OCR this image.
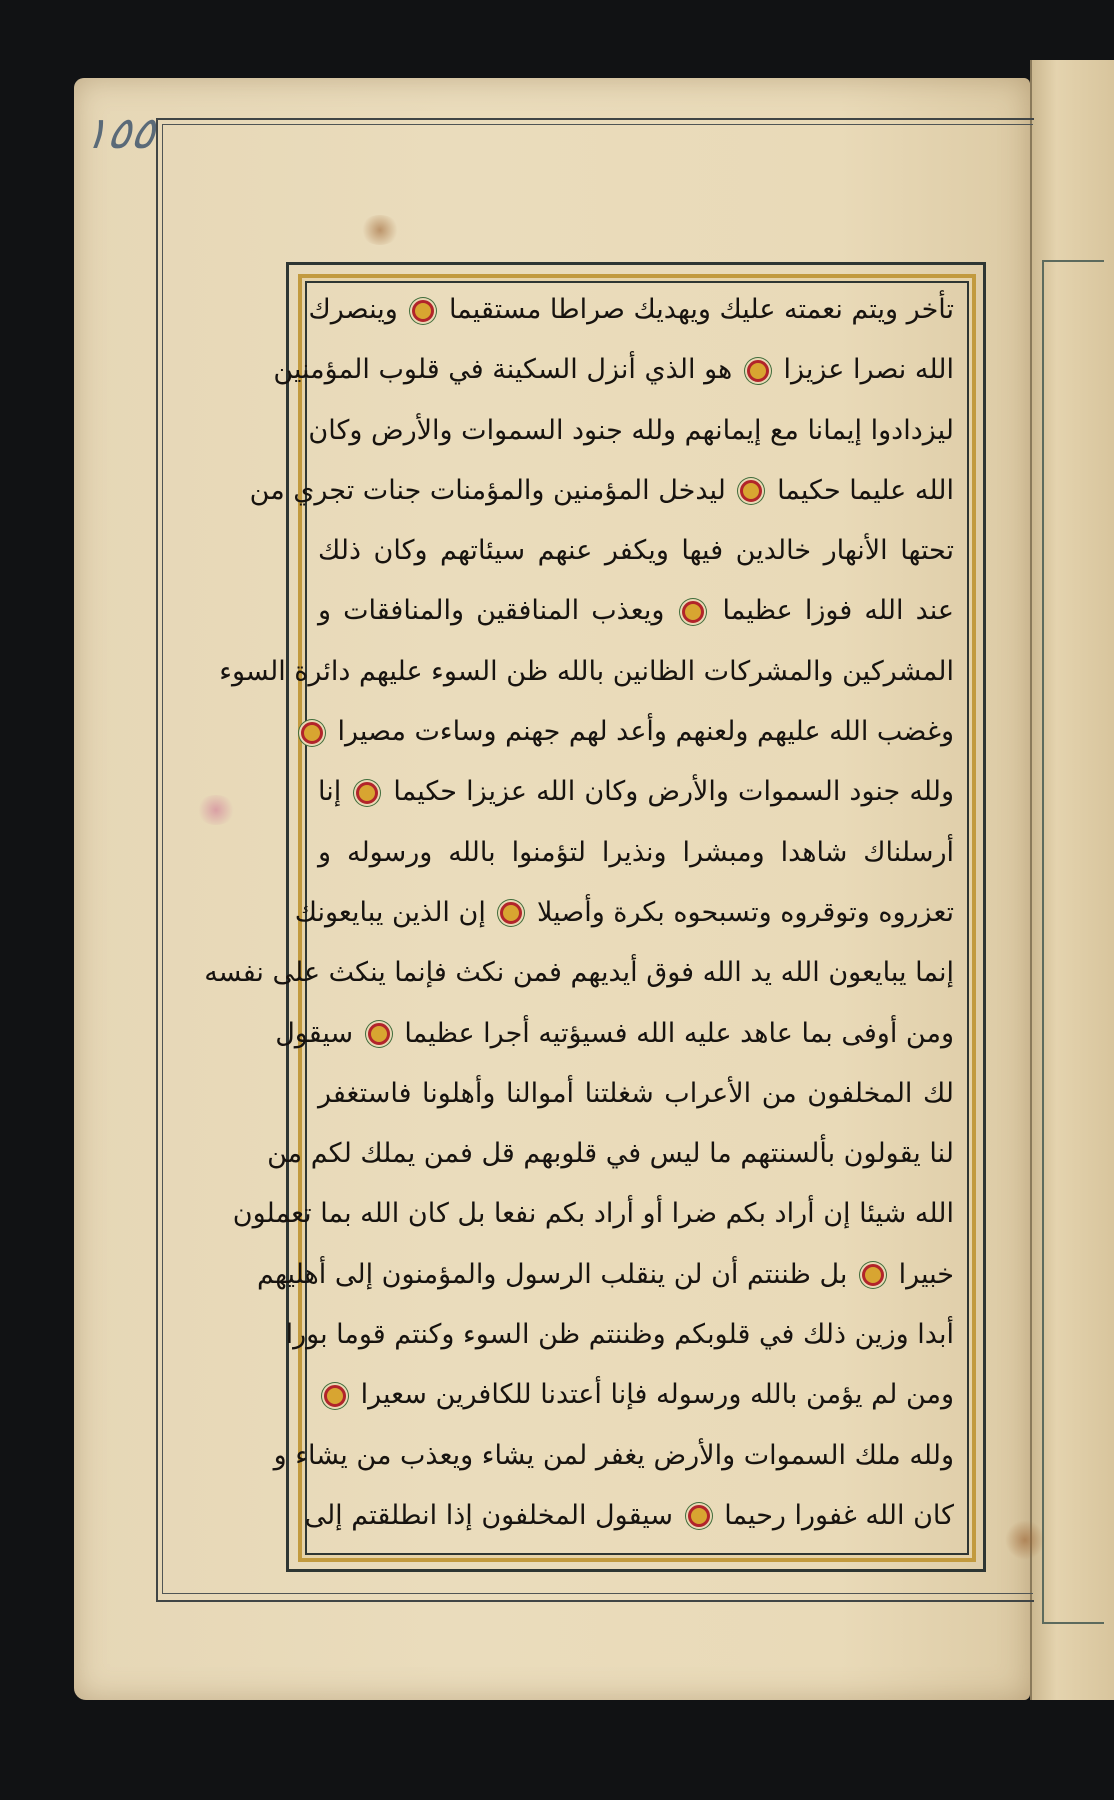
١٥٥
تأخر ويتم نعمته عليك ويهديك صراطا مستقيما  وينصرك
الله نصرا عزيزا  هو الذي أنزل السكينة في قلوب المؤمنين
ليزدادوا إيمانا مع إيمانهم ولله جنود السموات والأرض وكان
الله عليما حكيما  ليدخل المؤمنين والمؤمنات جنات تجري من
تحتها الأنهار خالدين فيها ويكفر عنهم سيئاتهم وكان ذلك
عند الله فوزا عظيما  ويعذب المنافقين والمنافقات و
المشركين والمشركات الظانين بالله ظن السوء عليهم دائرة السوء
وغضب الله عليهم ولعنهم وأعد لهم جهنم وساءت مصيرا
ولله جنود السموات والأرض وكان الله عزيزا حكيما  إنا
أرسلناك شاهدا ومبشرا ونذيرا لتؤمنوا بالله ورسوله و
تعزروه وتوقروه وتسبحوه بكرة وأصيلا  إن الذين يبايعونك
إنما يبايعون الله يد الله فوق أيديهم فمن نكث فإنما ينكث على نفسه
ومن أوفى بما عاهد عليه الله فسيؤتيه أجرا عظيما  سيقول
لك المخلفون من الأعراب شغلتنا أموالنا وأهلونا فاستغفر
لنا يقولون بألسنتهم ما ليس في قلوبهم قل فمن يملك لكم من
الله شيئا إن أراد بكم ضرا أو أراد بكم نفعا بل كان الله بما تعملون
خبيرا  بل ظننتم أن لن ينقلب الرسول والمؤمنون إلى أهليهم
أبدا وزين ذلك في قلوبكم وظننتم ظن السوء وكنتم قوما بورا
ومن لم يؤمن بالله ورسوله فإنا أعتدنا للكافرين سعيرا
ولله ملك السموات والأرض يغفر لمن يشاء ويعذب من يشاء و
كان الله غفورا رحيما  سيقول المخلفون إذا انطلقتم إلى
